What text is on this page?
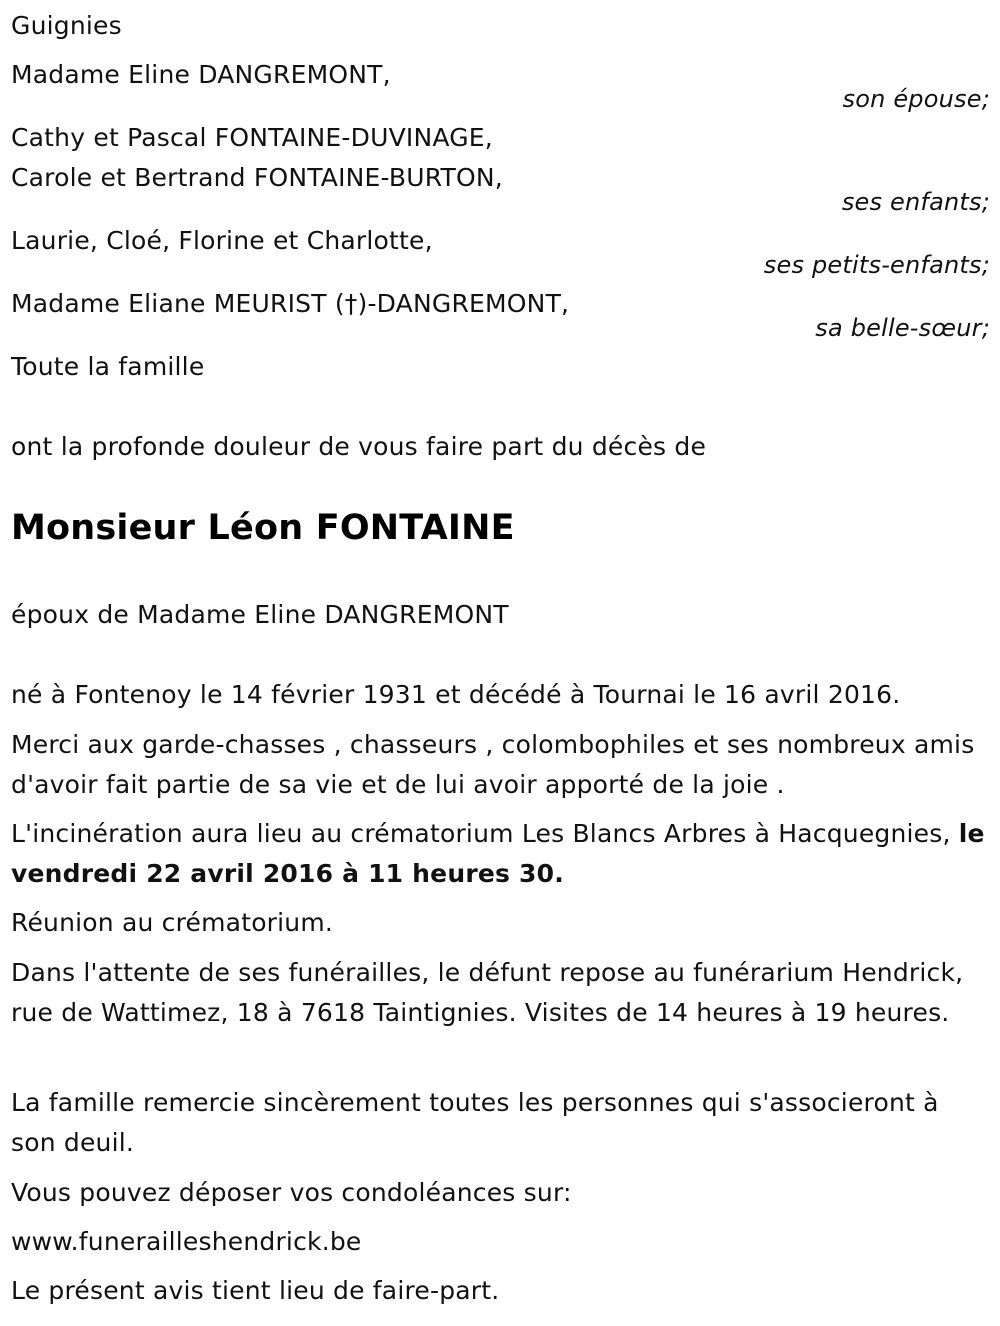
Guignies

Madame Eline DANGREMONT,

son épouse;

Cathy et Pascal FONTAINE-DUVINAGE,

Carole et Bertrand FONTAINE-BURTON,

ses enfants;

Laurie, Cloé, Florine et Charlotte,

ses petits-enfants;

Madame Eliane MEURIST (†)-DANGREMONT,

sa belle-sœur;

Toute la famille

ont la profonde douleur de vous faire part du décès de

Monsieur Léon FONTAINE

époux de Madame Eline DANGREMONT

né à Fontenoy le 14 février 1931 et décédé à Tournai le 16 avril 2016.

Merci aux garde-chasses , chasseurs , colombophiles et ses nombreux amis d'avoir fait partie de sa vie et de lui avoir apporté de la joie .

L'incinération aura lieu au crématorium Les Blancs Arbres à Hacquegnies, le vendredi 22 avril 2016 à 11 heures 30.

Réunion au crématorium.

Dans l'attente de ses funérailles, le défunt repose au funérarium Hendrick, rue de Wattimez, 18 à 7618 Taintignies. Visites de 14 heures à 19 heures.

La famille remercie sincèrement toutes les personnes qui s'associeront à son deuil.

Vous pouvez déposer vos condoléances sur:

www.funerailleshendrick.be

Le présent avis tient lieu de faire-part.
